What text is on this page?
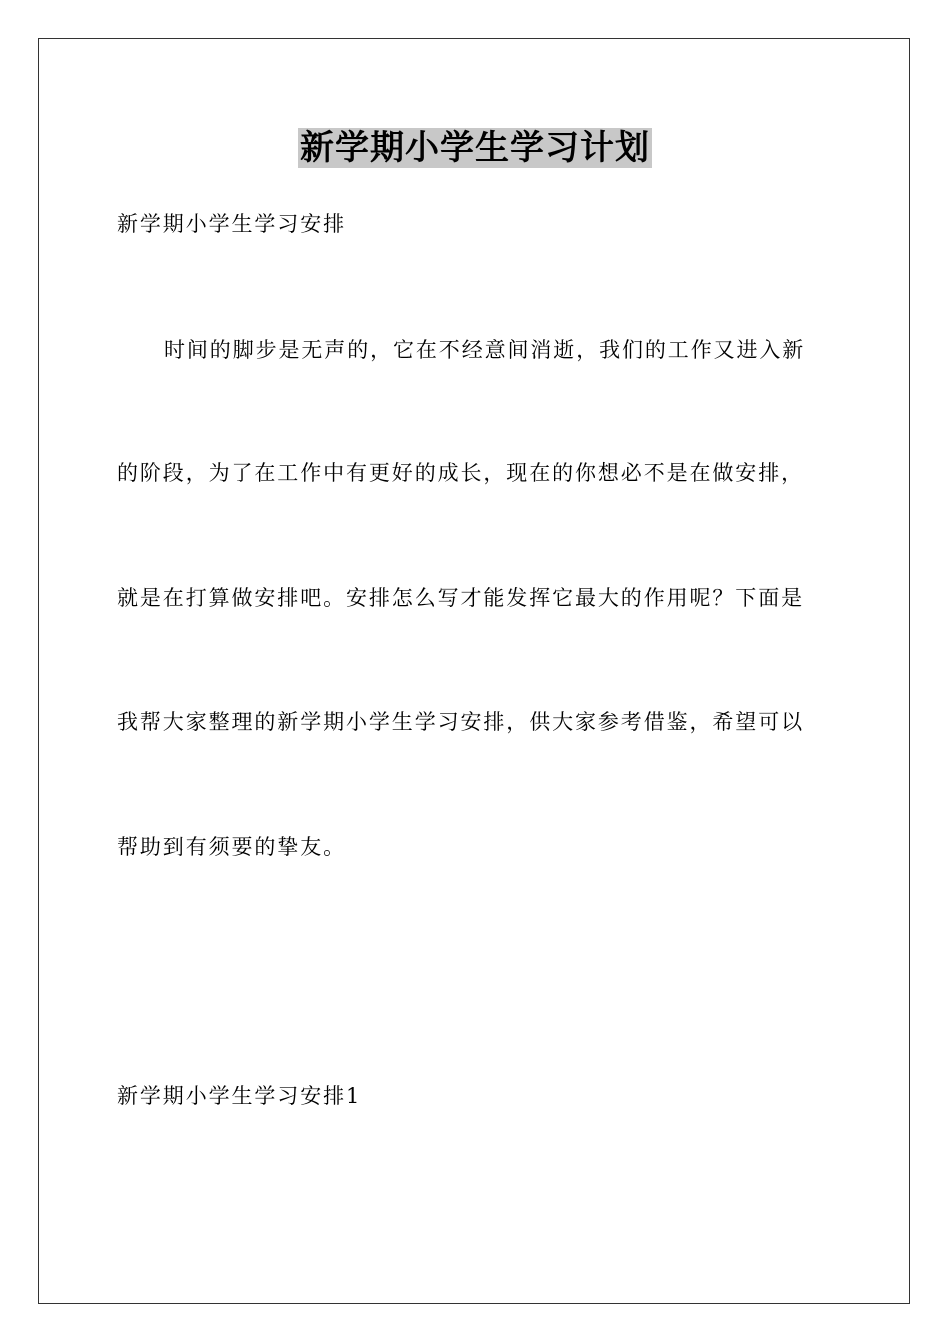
新学期小学生学习计划
新学期小学生学习安排
时间的脚步是无声的，它在不经意间消逝，我们的工作又进入新
的阶段，为了在工作中有更好的成长，现在的你想必不是在做安排，
就是在打算做安排吧。安排怎么写才能发挥它最大的作用呢？下面是
我帮大家整理的新学期小学生学习安排，供大家参考借鉴，希望可以
帮助到有须要的挚友。
新学期小学生学习安排1
